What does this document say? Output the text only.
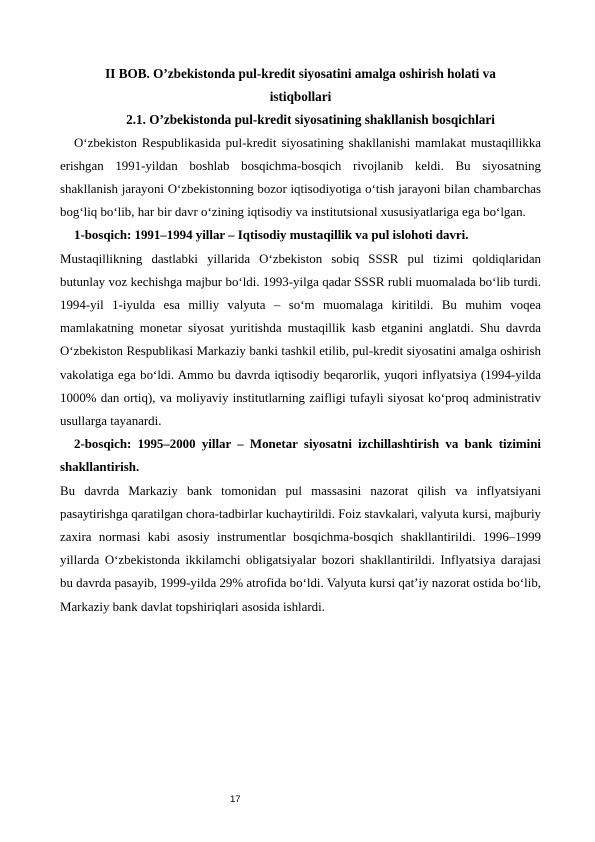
II BOB. O’zbekistonda pul-kredit siyosatini amalga oshirish holati va istiqbollari

2.1. O’zbekistonda pul-kredit siyosatining shakllanish bosqichlari

O‘zbekiston Respublikasida pul-kredit siyosatining shakllanishi mamlakat mustaqillikka erishgan 1991-yildan boshlab bosqichma-bosqich rivojlanib keldi. Bu siyosatning shakllanish jarayoni O‘zbekistonning bozor iqtisodiyotiga o‘tish jarayoni bilan chambarchas bog‘liq bo‘lib, har bir davr o‘zining iqtisodiy va institutsional xususiyatlariga ega bo‘lgan.

1-bosqich: 1991–1994 yillar – Iqtisodiy mustaqillik va pul islohoti davri.

Mustaqillikning dastlabki yillarida O‘zbekiston sobiq SSSR pul tizimi qoldiqlaridan butunlay voz kechishga majbur bo‘ldi. 1993-yilga qadar SSSR rubli muomalada bo‘lib turdi. 1994-yil 1-iyulda esa milliy valyuta – so‘m muomalaga kiritildi. Bu muhim voqea mamlakatning monetar siyosat yuritishda mustaqillik kasb etganini anglatdi. Shu davrda O‘zbekiston Respublikasi Markaziy banki tashkil etilib, pul-kredit siyosatini amalga oshirish vakolatiga ega bo‘ldi. Ammo bu davrda iqtisodiy beqarorlik, yuqori inflyatsiya (1994-yilda 1000% dan ortiq), va moliyaviy institutlarning zaifligi tufayli siyosat ko‘proq administrativ usullarga tayanardi.

2-bosqich: 1995–2000 yillar – Monetar siyosatni izchillashtirish va bank tizimini shakllantirish.

Bu davrda Markaziy bank tomonidan pul massasini nazorat qilish va inflyatsiyani pasaytirishga qaratilgan chora-tadbirlar kuchaytirildi. Foiz stavkalari, valyuta kursi, majburiy zaxira normasi kabi asosiy instrumentlar bosqichma-bosqich shakllantirildi. 1996–1999 yillarda O‘zbekistonda ikkilamchi obligatsiyalar bozori shakllantirildi. Inflyatsiya darajasi bu davrda pasayib, 1999-yilda 29% atrofida bo‘ldi. Valyuta kursi qat’iy nazorat ostida bo‘lib, Markaziy bank davlat topshiriqlari asosida ishlardi.

17
